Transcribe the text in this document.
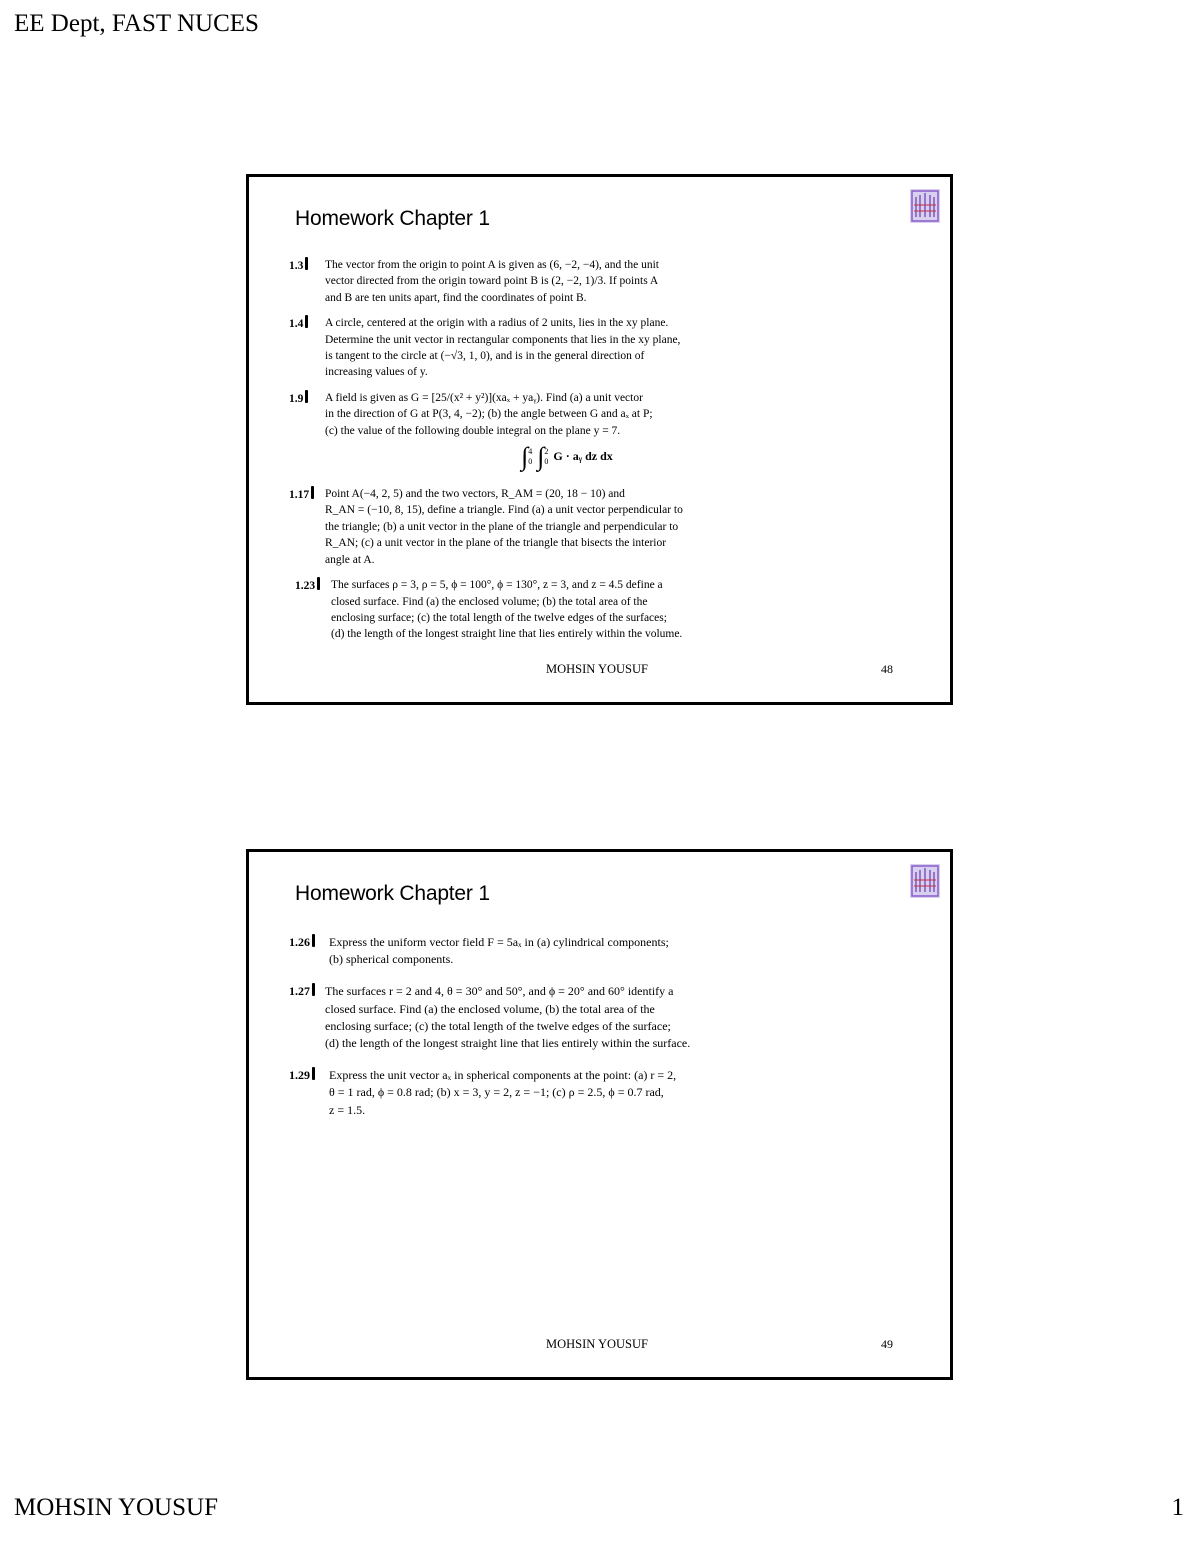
EE Dept, FAST NUCES
Homework Chapter 1
1.3	The vector from the origin to point A is given as (6, −2, −4), and the unit
vector directed from the origin toward point B is (2, −2, 1)/3. If points A
and B are ten units apart, find the coordinates of point B.
1.4	A circle, centered at the origin with a radius of 2 units, lies in the xy plane.
Determine the unit vector in rectangular components that lies in the xy plane,
is tangent to the circle at (−√3, 1, 0), and is in the general direction of
increasing values of y.
1.9	A field is given as G = [25/(x² + y²)](xaₓ + yaᵧ). Find (a) a unit vector
in the direction of G at P(3, 4, −2); (b) the angle between G and aₓ at P;
(c) the value of the following double integral on the plane y = 7.
∫4
0 ∫2
0 G · aᵧ dz dx
1.17	Point A(−4, 2, 5) and the two vectors, R_AM = (20, 18 − 10) and
R_AN = (−10, 8, 15), define a triangle. Find (a) a unit vector perpendicular to
the triangle; (b) a unit vector in the plane of the triangle and perpendicular to
R_AN; (c) a unit vector in the plane of the triangle that bisects the interior
angle at A.
1.23	The surfaces ρ = 3, ρ = 5, ϕ = 100°, ϕ = 130°, z = 3, and z = 4.5 define a
closed surface. Find (a) the enclosed volume; (b) the total area of the
enclosing surface; (c) the total length of the twelve edges of the surfaces;
(d) the length of the longest straight line that lies entirely within the volume.
MOHSIN YOUSUF	48
Homework Chapter 1
1.26	Express the uniform vector field F = 5aₓ in (a) cylindrical components;
(b) spherical components.
1.27	The surfaces r = 2 and 4, θ = 30° and 50°, and ϕ = 20° and 60° identify a
closed surface. Find (a) the enclosed volume, (b) the total area of the
enclosing surface; (c) the total length of the twelve edges of the surface;
(d) the length of the longest straight line that lies entirely within the surface.
1.29	Express the unit vector aₓ in spherical components at the point: (a) r = 2,
θ = 1 rad, ϕ = 0.8 rad; (b) x = 3, y = 2, z = −1; (c) ρ = 2.5, ϕ = 0.7 rad,
z = 1.5.
MOHSIN YOUSUF	49
MOHSIN YOUSUF	1
